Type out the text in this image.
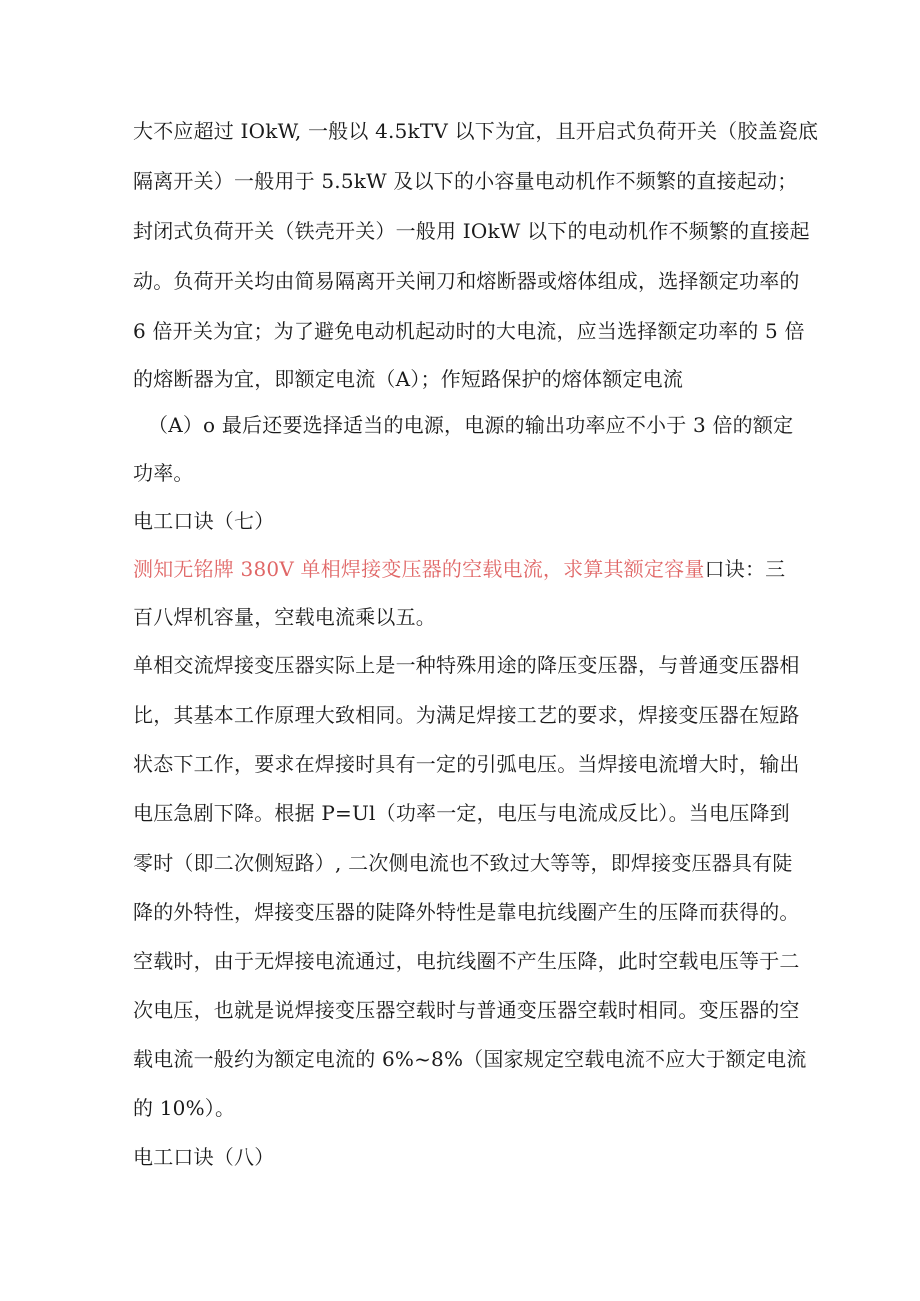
大不应超过 IOkW, 一般以 4.5kTV 以下为宜，且开启式负荷开关（胶盖瓷底
隔离开关）一般用于 5.5kW 及以下的小容量电动机作不频繁的直接起动；
封闭式负荷开关（铁壳开关）一般用 IOkW 以下的电动机作不频繁的直接起
动。负荷开关均由简易隔离开关闸刀和熔断器或熔体组成，选择额定功率的
6 倍开关为宜；为了避免电动机起动时的大电流，应当选择额定功率的 5 倍
的熔断器为宜，即额定电流（A）；作短路保护的熔体额定电流
（A）o 最后还要选择适当的电源，电源的输出功率应不小于 3 倍的额定
功率。
电工口诀（七）
测知无铭牌 380V 单相焊接变压器的空载电流，求算其额定容量口诀：三
百八焊机容量，空载电流乘以五。
单相交流焊接变压器实际上是一种特殊用途的降压变压器，与普通变压器相
比，其基本工作原理大致相同。为满足焊接工艺的要求，焊接变压器在短路
状态下工作，要求在焊接时具有一定的引弧电压。当焊接电流增大时，输出
电压急剧下降。根据 P=Ul（功率一定，电压与电流成反比）。当电压降到
零时（即二次侧短路）, 二次侧电流也不致过大等等，即焊接变压器具有陡
降的外特性，焊接变压器的陡降外特性是靠电抗线圈产生的压降而获得的。
空载时，由于无焊接电流通过，电抗线圈不产生压降，此时空载电压等于二
次电压，也就是说焊接变压器空载时与普通变压器空载时相同。变压器的空
载电流一般约为额定电流的 6%~8%（国家规定空载电流不应大于额定电流
的 10%）。
电工口诀（八）
